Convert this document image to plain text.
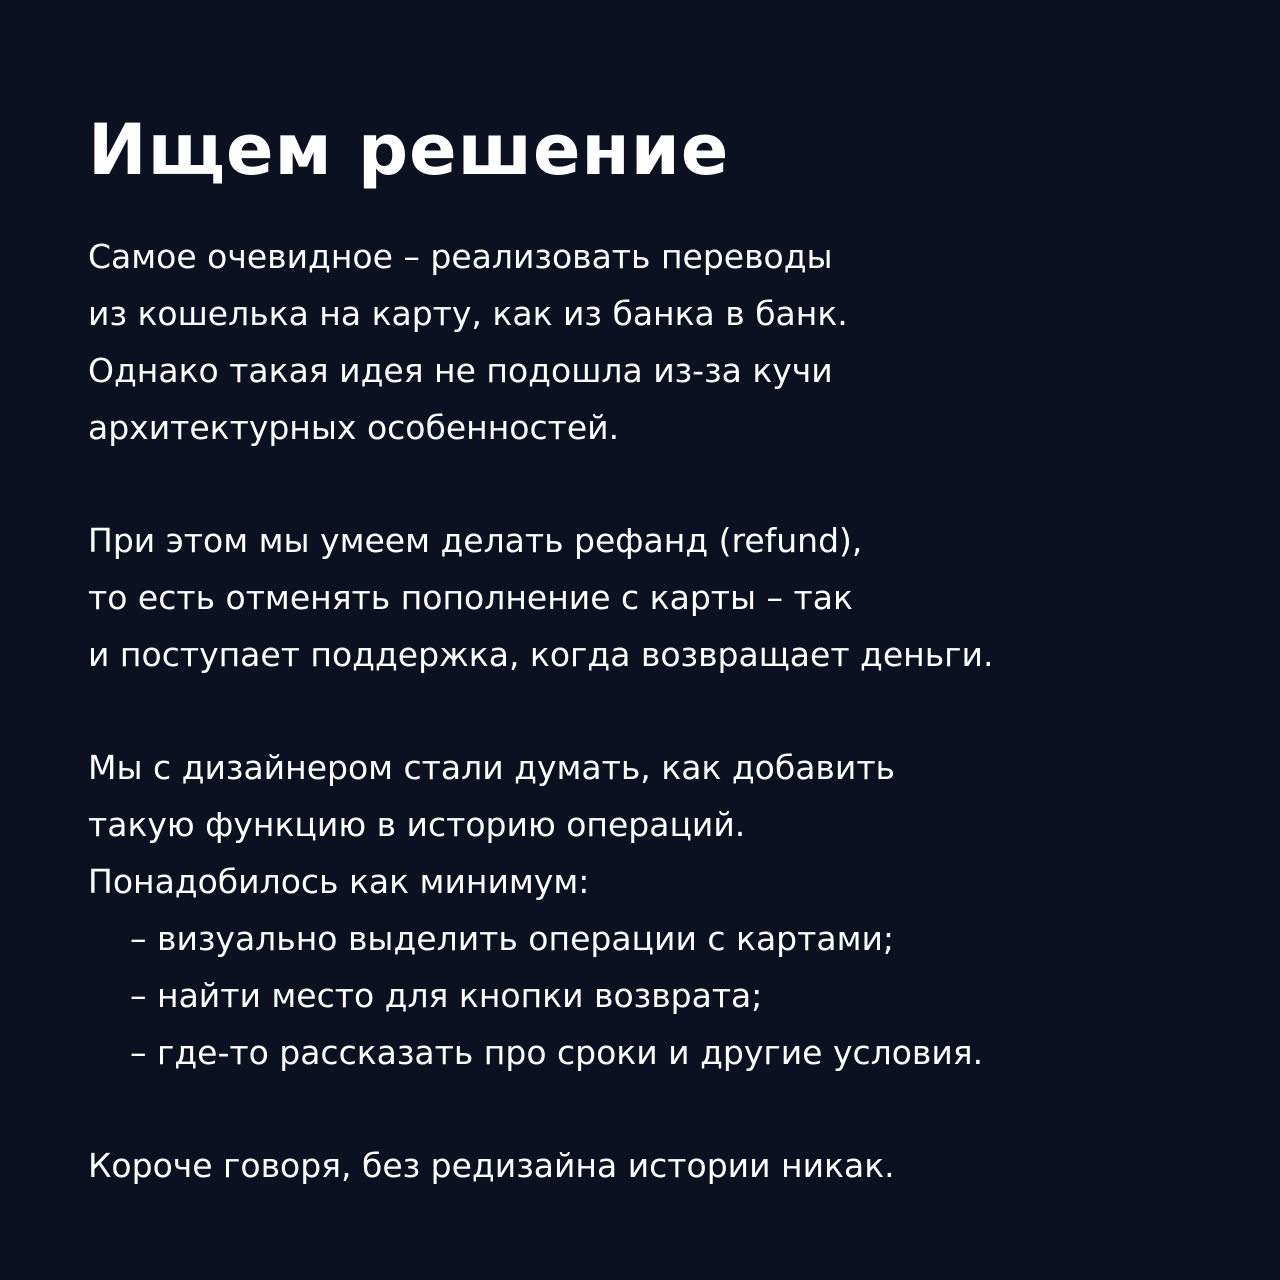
Ищем решение
Самое очевидное – реализовать переводы
из кошелька на карту, как из банка в банк.
Однако такая идея не подошла из-за кучи
архитектурных особенностей.
При этом мы умеем делать рефанд (refund),
то есть отменять пополнение с карты – так
и поступает поддержка, когда возвращает деньги.
Мы с дизайнером стали думать, как добавить
такую функцию в историю операций.
Понадобилось как минимум:
– визуально выделить операции с картами;
– найти место для кнопки возврата;
– где-то рассказать про сроки и другие условия.
Короче говоря, без редизайна истории никак.
